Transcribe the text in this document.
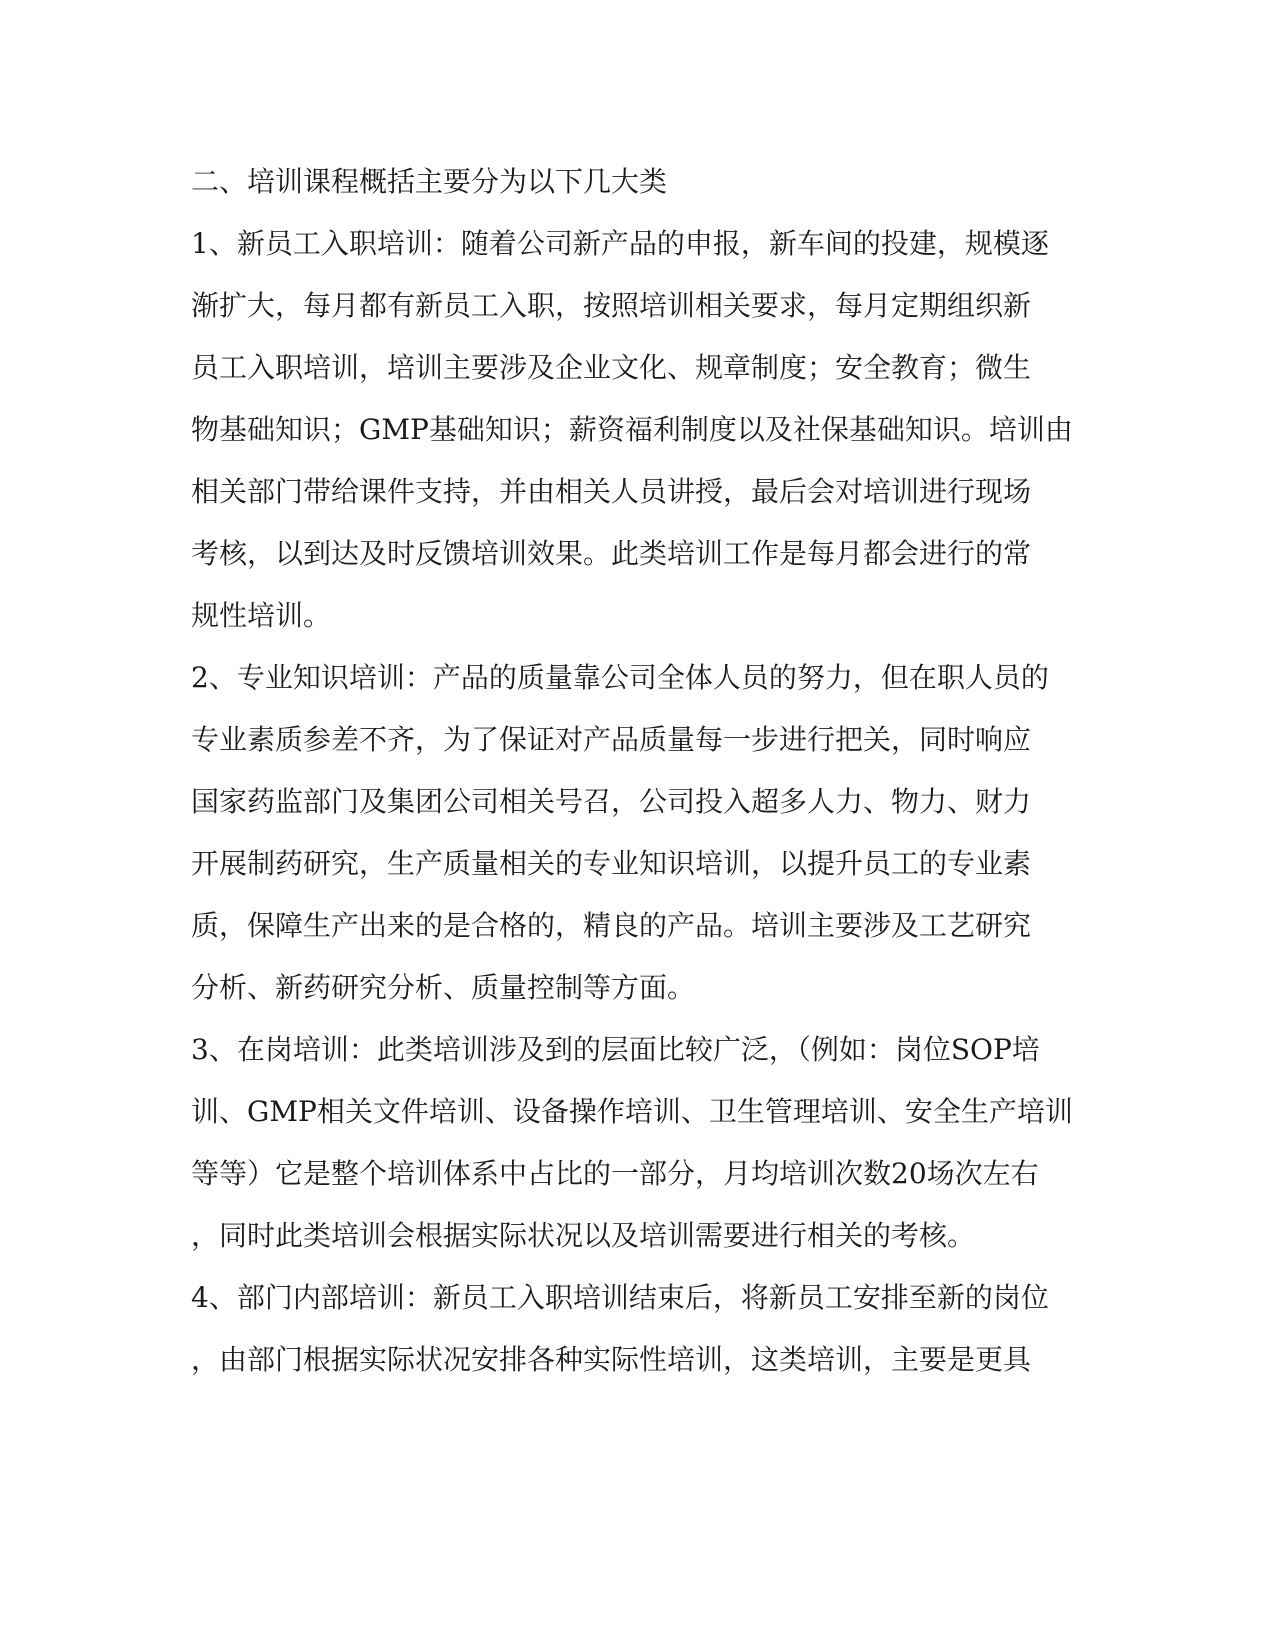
二、培训课程概括主要分为以下几大类
1、新员工入职培训：随着公司新产品的申报，新车间的投建，规模逐
渐扩大，每月都有新员工入职，按照培训相关要求，每月定期组织新
员工入职培训，培训主要涉及企业文化、规章制度；安全教育；微生
物基础知识；GMP基础知识；薪资福利制度以及社保基础知识。培训由
相关部门带给课件支持，并由相关人员讲授，最后会对培训进行现场
考核，以到达及时反馈培训效果。此类培训工作是每月都会进行的常
规性培训。
2、专业知识培训：产品的质量靠公司全体人员的努力，但在职人员的
专业素质参差不齐，为了保证对产品质量每一步进行把关，同时响应
国家药监部门及集团公司相关号召，公司投入超多人力、物力、财力
开展制药研究，生产质量相关的专业知识培训，以提升员工的专业素
质，保障生产出来的是合格的，精良的产品。培训主要涉及工艺研究
分析、新药研究分析、质量控制等方面。
3、在岗培训：此类培训涉及到的层面比较广泛，（例如：岗位SOP培
训、GMP相关文件培训、设备操作培训、卫生管理培训、安全生产培训
等等）它是整个培训体系中占比的一部分，月均培训次数20场次左右
，同时此类培训会根据实际状况以及培训需要进行相关的考核。
4、部门内部培训：新员工入职培训结束后，将新员工安排至新的岗位
，由部门根据实际状况安排各种实际性培训，这类培训，主要是更具
